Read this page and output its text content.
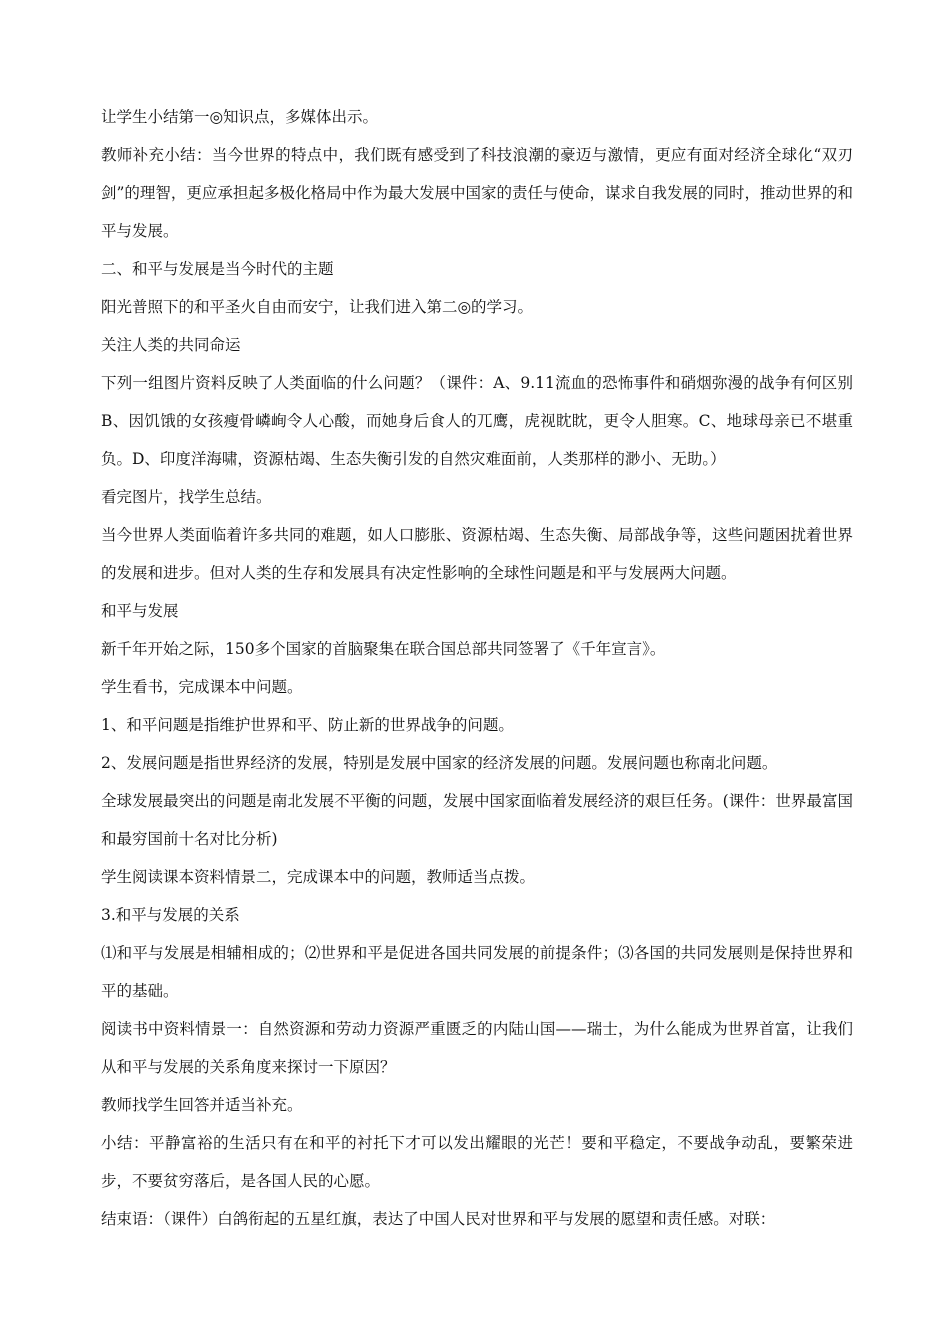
让学生小结第一◎知识点，多媒体出示。

教师补充小结：当今世界的特点中，我们既有感受到了科技浪潮的豪迈与激情，更应有面对经济全球化“双刃剑”的理智，更应承担起多极化格局中作为最大发展中国家的责任与使命，谋求自我发展的同时，推动世界的和平与发展。

二、和平与发展是当今时代的主题

阳光普照下的和平圣火自由而安宁，让我们进入第二◎的学习。

关注人类的共同命运

下列一组图片资料反映了人类面临的什么问题？（课件：A、9.11流血的恐怖事件和硝烟弥漫的战争有何区别B、因饥饿的女孩瘦骨嶙峋令人心酸，而她身后食人的兀鹰，虎视眈眈，更令人胆寒。C、地球母亲已不堪重负。D、印度洋海啸，资源枯竭、生态失衡引发的自然灾难面前，人类那样的渺小、无助。）

看完图片，找学生总结。

当今世界人类面临着许多共同的难题，如人口膨胀、资源枯竭、生态失衡、局部战争等，这些问题困扰着世界的发展和进步。但对人类的生存和发展具有决定性影响的全球性问题是和平与发展两大问题。

和平与发展

新千年开始之际，150多个国家的首脑聚集在联合国总部共同签署了《千年宣言》。

学生看书，完成课本中问题。

1、和平问题是指维护世界和平、防止新的世界战争的问题。

2、发展问题是指世界经济的发展，特别是发展中国家的经济发展的问题。发展问题也称南北问题。

全球发展最突出的问题是南北发展不平衡的问题，发展中国家面临着发展经济的艰巨任务。(课件：世界最富国和最穷国前十名对比分析)

学生阅读课本资料情景二，完成课本中的问题，教师适当点拨。

3.和平与发展的关系

⑴和平与发展是相辅相成的；⑵世界和平是促进各国共同发展的前提条件；⑶各国的共同发展则是保持世界和平的基础。

阅读书中资料情景一：自然资源和劳动力资源严重匮乏的内陆山国——瑞士，为什么能成为世界首富，让我们从和平与发展的关系角度来探讨一下原因？

教师找学生回答并适当补充。

小结：平静富裕的生活只有在和平的衬托下才可以发出耀眼的光芒！要和平稳定，不要战争动乱，要繁荣进步，不要贫穷落后，是各国人民的心愿。

结束语：（课件）白鸽衔起的五星红旗，表达了中国人民对世界和平与发展的愿望和责任感。对联：
